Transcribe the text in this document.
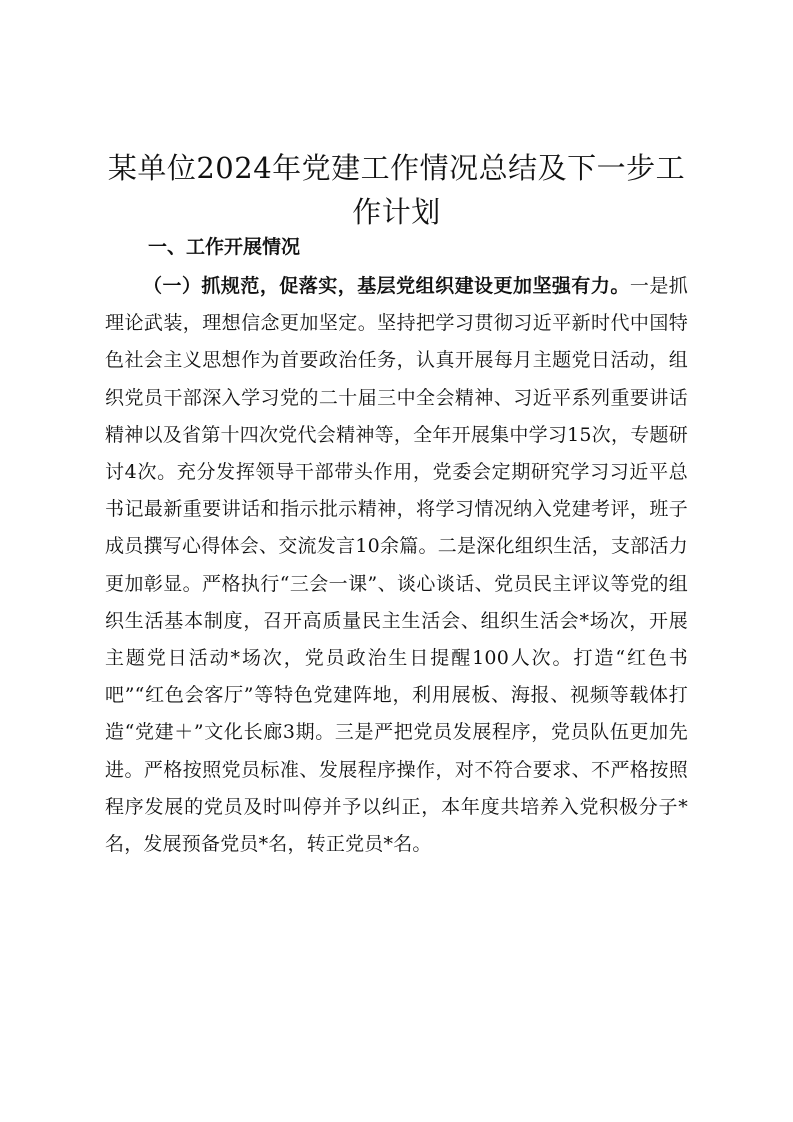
某单位2024年党建工作情况总结及下一步工作计划
一、工作开展情况

（一）抓规范，促落实，基层党组织建设更加坚强有力。一是抓理论武装，理想信念更加坚定。坚持把学习贯彻习近平新时代中国特色社会主义思想作为首要政治任务，认真开展每月主题党日活动，组织党员干部深入学习党的二十届三中全会精神、习近平系列重要讲话精神以及省第十四次党代会精神等，全年开展集中学习15次，专题研讨4次。充分发挥领导干部带头作用，党委会定期研究学习习近平总书记最新重要讲话和指示批示精神，将学习情况纳入党建考评，班子成员撰写心得体会、交流发言10余篇。二是深化组织生活，支部活力更加彰显。严格执行“三会一课”、谈心谈话、党员民主评议等党的组织生活基本制度，召开高质量民主生活会、组织生活会*场次，开展主题党日活动*场次，党员政治生日提醒100人次。打造“红色书吧”“红色会客厅”等特色党建阵地，利用展板、海报、视频等载体打造“党建＋”文化长廊3期。三是严把党员发展程序，党员队伍更加先进。严格按照党员标准、发展程序操作，对不符合要求、不严格按照程序发展的党员及时叫停并予以纠正，本年度共培养入党积极分子*名，发展预备党员*名，转正党员*名。
